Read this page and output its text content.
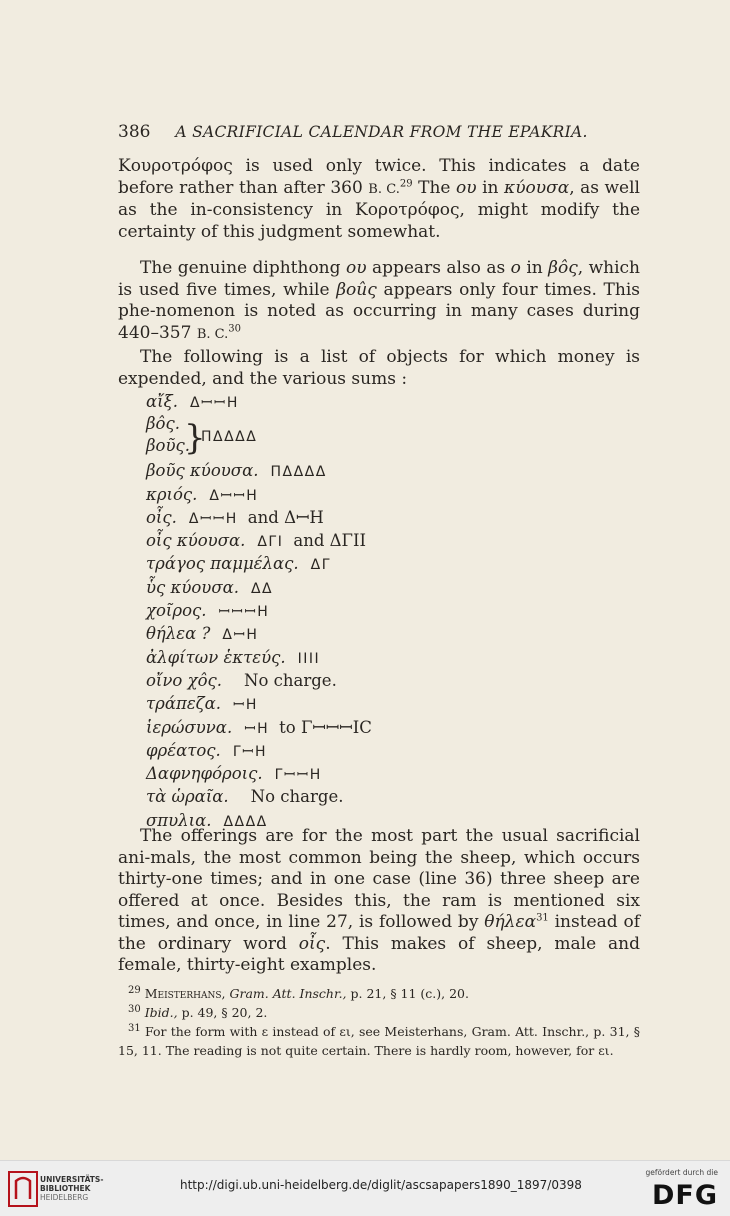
386 A SACRIFICIAL CALENDAR FROM THE EPAKRIA.

Κουροτρόφος is used only twice. This indicates a date before rather than after 360 B. C.$^{29}$ The ου in κύουσα, as well as the in-consistency in Κοροτρόφος, might modify the certainty of this judgment somewhat.

The genuine diphthong ου appears also as ο in βôς, which is used five times, while βοûς appears only four times. This phe-nomenon is noted as occurring in many cases during 440–357 B. C.$^{30}$

The following is a list of objects for which money is expended, and the various sums :

αἴξ. ΔꟷꟷΗ
βôς.
βοῦς.
}
ΠΔΔΔΔ
βοῦς κύουσα. ΠΔΔΔΔ
κριός. ΔꟷꟷΗ
οἶς. ΔꟷꟷΗ and ΔꟷΗ
οἶς κύουσα. ΔΓΙ and ΔΓΙΙ
τράγος παμμέλας. ΔΓ
ὗς κύουσα. ΔΔ
χοῖρος. ꟷꟷꟷΗ
θήλεα ? ΔꟷΗ
ἀλφίτων ἑκτεύς. ΙΙΙΙ
οἴνο χôς. No charge.
τράπεζα. ꟷΗ
ἱερώσυνα. ꟷΗ to ΓꟷꟷꟷΙC
φρέατος. ΓꟷΗ
Δαφνηφόροις. ΓꟷꟷΗ
τὰ ὡραῖα. No charge.
σπυλια. ΔΔΔΔ

The offerings are for the most part the usual sacrificial ani-mals, the most common being the sheep, which occurs thirty-one times; and in one case (line 36) three sheep are offered at once. Besides this, the ram is mentioned six times, and once, in line 27, is followed by θήλεα$^{31}$ instead of the ordinary word οἶς. This makes of sheep, male and female, thirty-eight examples.

$^{29}$ Meisterhans, Gram. Att. Inschr., p. 21, § 11 (c.), 20.

$^{30}$ Ibid., p. 49, § 20, 2.

$^{31}$ For the form with ε instead of ει, see Meisterhans, Gram. Att. Inschr., p. 31, § 15, 11. The reading is not quite certain. There is hardly room, however, for ει.

UNIVERSITÄTS-
BIBLIOTHEK
HEIDELBERG
http://digi.ub.uni-heidelberg.de/diglit/ascsapapers1890_1897/0398
gefördert durch die
DFG
